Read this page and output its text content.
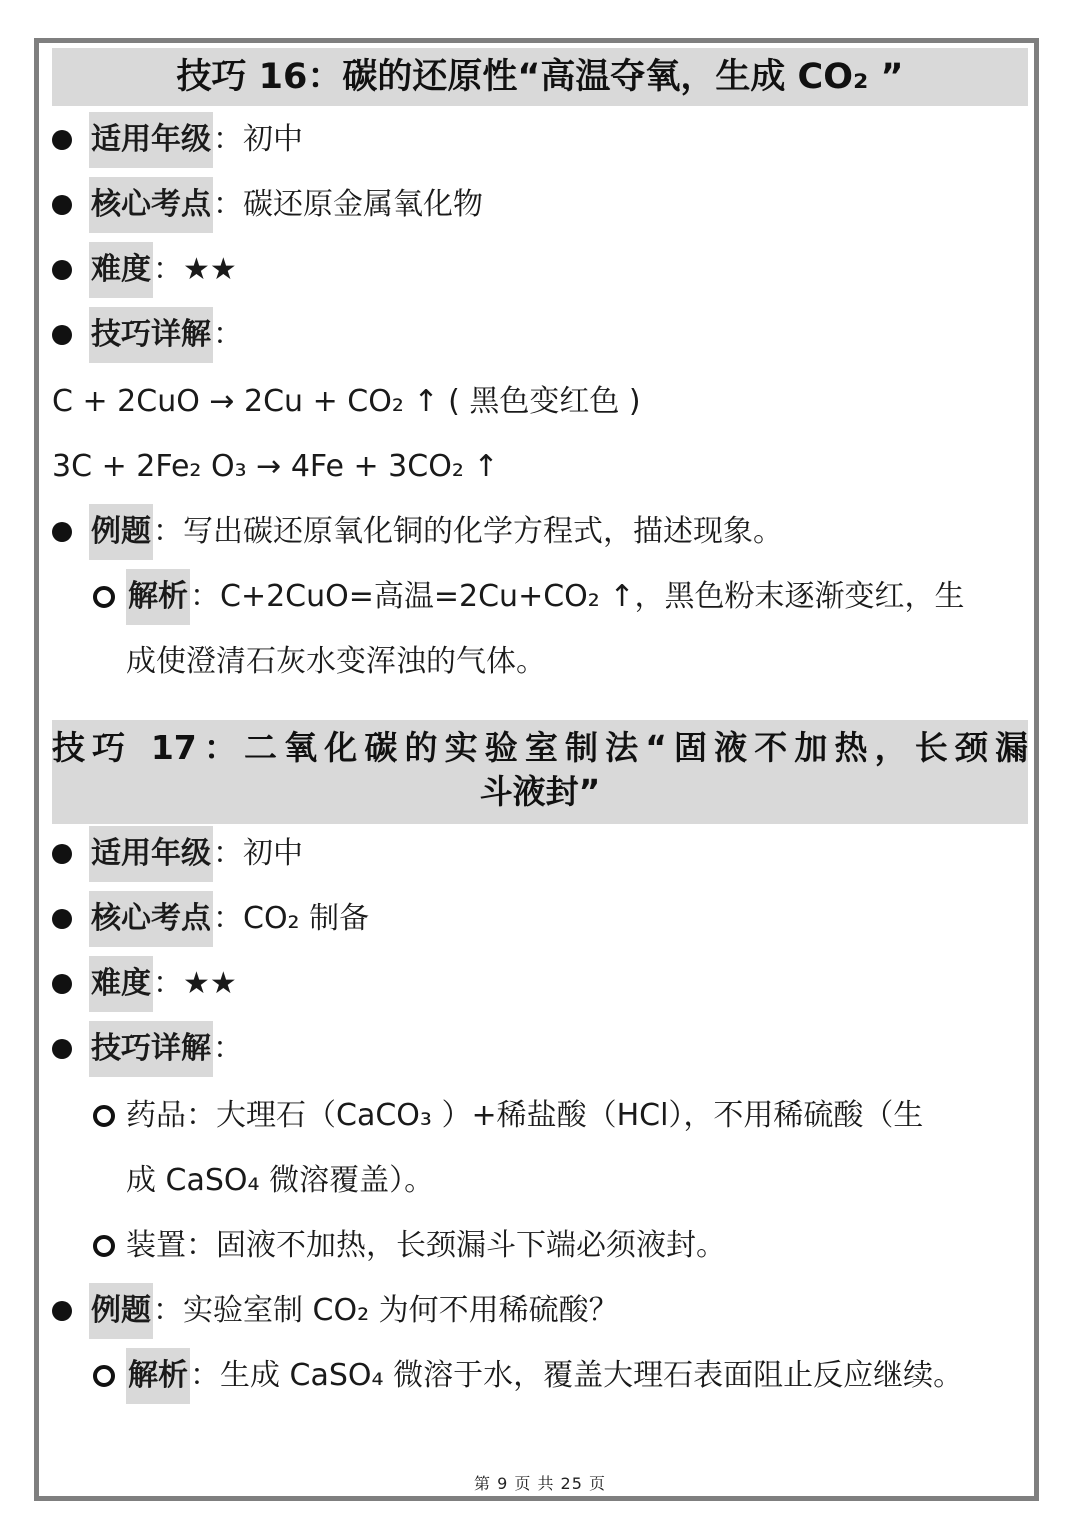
技巧 16：碳的还原性“高温夺氧，生成 CO₂ ”
适用年级：初中
核心考点：碳还原金属氧化物
难度：★★
技巧详解：
C + 2CuO → 2Cu + CO₂ ↑ ( 黑色变红色 )
3C + 2Fe₂ O₃ → 4Fe + 3CO₂ ↑
例题：写出碳还原氧化铜的化学方程式，描述现象。
解析：C+2CuO=高温=2Cu+CO₂ ↑，黑色粉末逐渐变红，生
成使澄清石灰水变浑浊的气体。
技巧 17：二氧化碳的实验室制法“固液不加热，长颈漏
斗液封”
适用年级：初中
核心考点：CO₂ 制备
难度：★★
技巧详解：
药品：大理石（CaCO₃ ）+稀盐酸（HCl），不用稀硫酸（生
成 CaSO₄ 微溶覆盖）。
装置：固液不加热，长颈漏斗下端必须液封。
例题：实验室制 CO₂ 为何不用稀硫酸？
解析：生成 CaSO₄ 微溶于水，覆盖大理石表面阻止反应继续。
第 9 页 共 25 页
